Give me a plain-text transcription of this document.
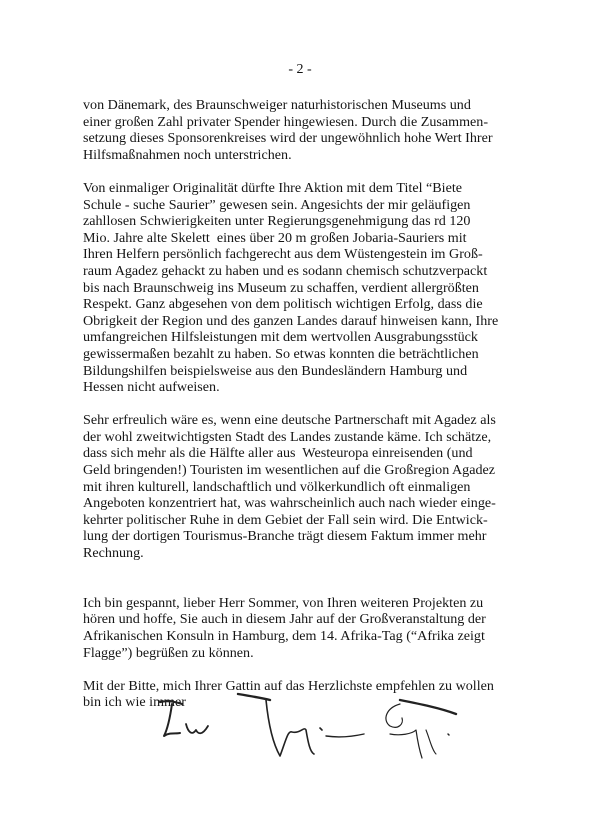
- 2 -
von Dänemark, des Braunschweiger naturhistorischen Museums und
einer großen Zahl privater Spender hingewiesen. Durch die Zusammen-
setzung dieses Sponsorenkreises wird der ungewöhnlich hohe Wert Ihrer
Hilfsmaßnahmen noch unterstrichen.
Von einmaliger Originalität dürfte Ihre Aktion mit dem Titel “Biete
Schule - suche Saurier” gewesen sein. Angesichts der mir geläufigen
zahllosen Schwierigkeiten unter Regierungsgenehmigung das rd 120
Mio. Jahre alte Skelett  eines über 20 m großen Jobaria-Sauriers mit
Ihren Helfern persönlich fachgerecht aus dem Wüstengestein im Groß-
raum Agadez gehackt zu haben und es sodann chemisch schutzverpackt
bis nach Braunschweig ins Museum zu schaffen, verdient allergrößten
Respekt. Ganz abgesehen von dem politisch wichtigen Erfolg, dass die
Obrigkeit der Region und des ganzen Landes darauf hinweisen kann, Ihre
umfangreichen Hilfsleistungen mit dem wertvollen Ausgrabungsstück
gewissermaßen bezahlt zu haben. So etwas konnten die beträchtlichen
Bildungshilfen beispielsweise aus den Bundesländern Hamburg und
Hessen nicht aufweisen.
Sehr erfreulich wäre es, wenn eine deutsche Partnerschaft mit Agadez als
der wohl zweitwichtigsten Stadt des Landes zustande käme. Ich schätze,
dass sich mehr als die Hälfte aller aus  Westeuropa einreisenden (und
Geld bringenden!) Touristen im wesentlichen auf die Großregion Agadez
mit ihren kulturell, landschaftlich und völkerkundlich oft einmaligen
Angeboten konzentriert hat, was wahrscheinlich auch nach wieder einge-
kehrter politischer Ruhe in dem Gebiet der Fall sein wird. Die Entwick-
lung der dortigen Tourismus-Branche trägt diesem Faktum immer mehr
Rechnung.
Ich bin gespannt, lieber Herr Sommer, von Ihren weiteren Projekten zu
hören und hoffe, Sie auch in diesem Jahr auf der Großveranstaltung der
Afrikanischen Konsuln in Hamburg, dem 14. Afrika-Tag (“Afrika zeigt
Flagge”) begrüßen zu können.
Mit der Bitte, mich Ihrer Gattin auf das Herzlichste empfehlen zu wollen
bin ich wie immer
